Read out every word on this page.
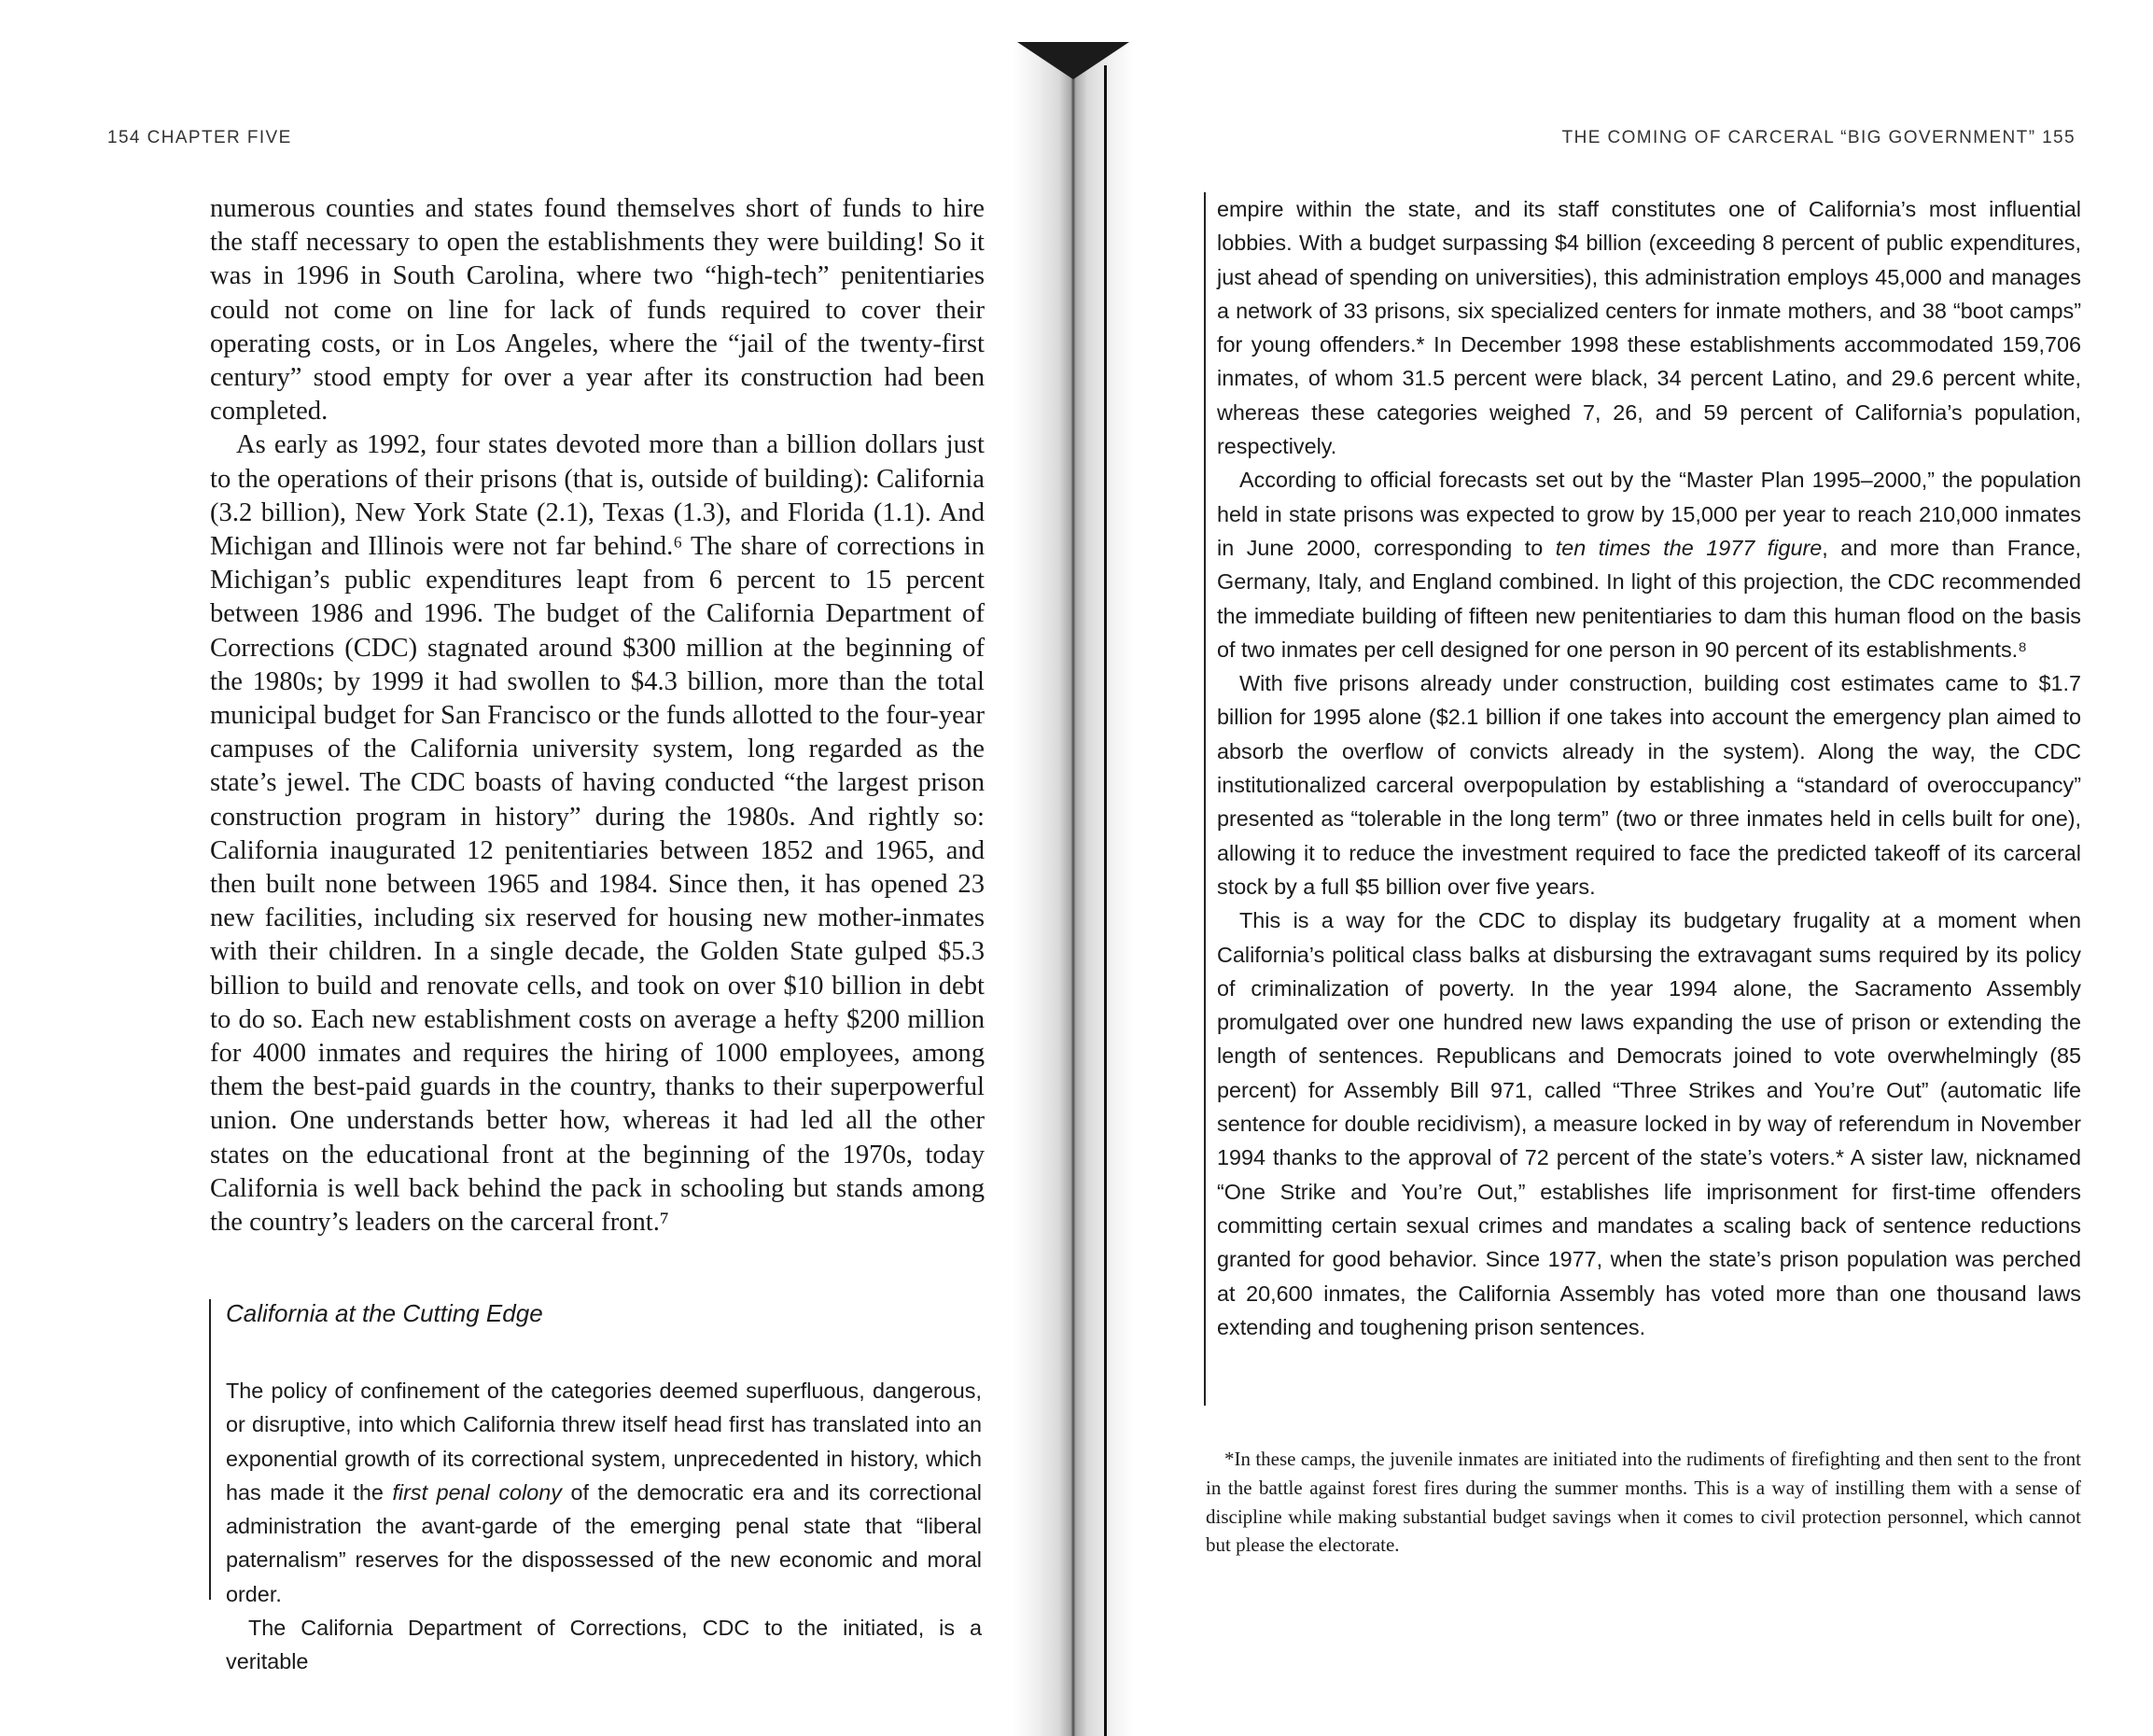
154 CHAPTER FIVE

numerous counties and states found themselves short of funds to hire the staff necessary to open the establishments they were building! So it was in 1996 in South Carolina, where two “high-tech” penitentiaries could not come on line for lack of funds required to cover their operating costs, or in Los Angeles, where the “jail of the twenty-first century” stood empty for over a year after its construction had been completed.

As early as 1992, four states devoted more than a billion dollars just to the operations of their prisons (that is, outside of building): California (3.2 billion), New York State (2.1), Texas (1.3), and Florida (1.1). And Michigan and Illinois were not far behind.⁶ The share of corrections in Michigan’s public expenditures leapt from 6 percent to 15 percent between 1986 and 1996. The budget of the California Department of Corrections (CDC) stagnated around $300 million at the beginning of the 1980s; by 1999 it had swollen to $4.3 billion, more than the total municipal budget for San Francisco or the funds allotted to the four-year campuses of the California university system, long regarded as the state’s jewel. The CDC boasts of having conducted “the largest prison construction program in history” during the 1980s. And rightly so: California inaugurated 12 penitentiaries between 1852 and 1965, and then built none between 1965 and 1984. Since then, it has opened 23 new facilities, including six reserved for housing new mother-inmates with their children. In a single decade, the Golden State gulped $5.3 billion to build and renovate cells, and took on over $10 billion in debt to do so. Each new establishment costs on average a hefty $200 million for 4000 inmates and requires the hiring of 1000 employees, among them the best-paid guards in the country, thanks to their superpowerful union. One understands better how, whereas it had led all the other states on the educational front at the beginning of the 1970s, today California is well back behind the pack in schooling but stands among the country’s leaders on the carceral front.⁷

California at the Cutting Edge

The policy of confinement of the categories deemed superfluous, dangerous, or disruptive, into which California threw itself head first has translated into an exponential growth of its correctional system, unprecedented in history, which has made it the first penal colony of the democratic era and its correctional administration the avant-garde of the emerging penal state that “liberal paternalism” reserves for the dispossessed of the new economic and moral order.

The California Department of Corrections, CDC to the initiated, is a veritable

THE COMING OF CARCERAL “BIG GOVERNMENT” 155

empire within the state, and its staff constitutes one of California’s most influential lobbies. With a budget surpassing $4 billion (exceeding 8 percent of public expenditures, just ahead of spending on universities), this administration employs 45,000 and manages a network of 33 prisons, six specialized centers for inmate mothers, and 38 “boot camps” for young offenders.* In December 1998 these establishments accommodated 159,706 inmates, of whom 31.5 percent were black, 34 percent Latino, and 29.6 percent white, whereas these categories weighed 7, 26, and 59 percent of California’s population, respectively.

According to official forecasts set out by the “Master Plan 1995–2000,” the population held in state prisons was expected to grow by 15,000 per year to reach 210,000 inmates in June 2000, corresponding to ten times the 1977 figure, and more than France, Germany, Italy, and England combined. In light of this projection, the CDC recommended the immediate building of fifteen new penitentiaries to dam this human flood on the basis of two inmates per cell designed for one person in 90 percent of its establishments.⁸

With five prisons already under construction, building cost estimates came to $1.7 billion for 1995 alone ($2.1 billion if one takes into account the emergency plan aimed to absorb the overflow of convicts already in the system). Along the way, the CDC institutionalized carceral overpopulation by establishing a “standard of overoccupancy” presented as “tolerable in the long term” (two or three inmates held in cells built for one), allowing it to reduce the investment required to face the predicted takeoff of its carceral stock by a full $5 billion over five years.

This is a way for the CDC to display its budgetary frugality at a moment when California’s political class balks at disbursing the extravagant sums required by its policy of criminalization of poverty. In the year 1994 alone, the Sacramento Assembly promulgated over one hundred new laws expanding the use of prison or extending the length of sentences. Republicans and Democrats joined to vote overwhelmingly (85 percent) for Assembly Bill 971, called “Three Strikes and You’re Out” (automatic life sentence for double recidivism), a measure locked in by way of referendum in November 1994 thanks to the approval of 72 percent of the state’s voters.* A sister law, nicknamed “One Strike and You’re Out,” establishes life imprisonment for first-time offenders committing certain sexual crimes and mandates a scaling back of sentence reductions granted for good behavior. Since 1977, when the state’s prison population was perched at 20,600 inmates, the California Assembly has voted more than one thousand laws extending and toughening prison sentences.

*In these camps, the juvenile inmates are initiated into the rudiments of firefighting and then sent to the front in the battle against forest fires during the summer months. This is a way of instilling them with a sense of discipline while making substantial budget savings when it comes to civil protection personnel, which cannot but please the electorate.
